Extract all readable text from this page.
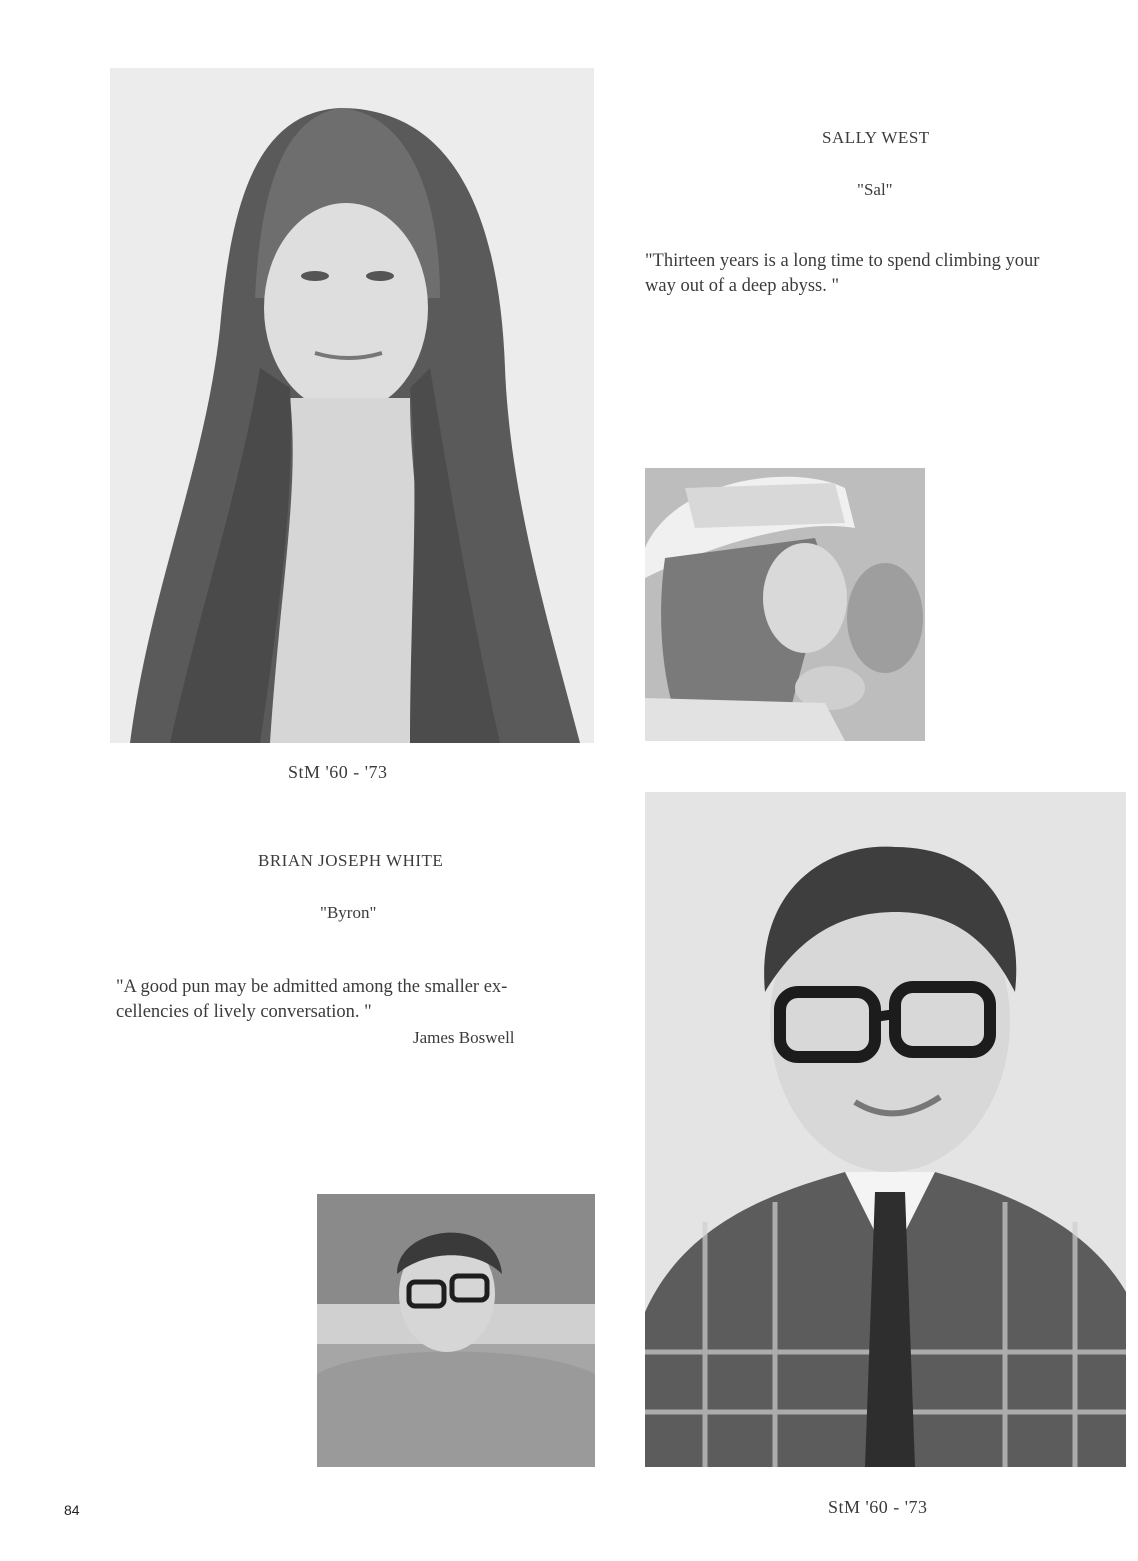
SALLY WEST
"Sal"
"Thirteen years is a long time to spend climbing your
way out of a deep abyss. "
StM '60 - '73
BRIAN JOSEPH WHITE
"Byron"
"A good pun may be admitted among the smaller ex-
cellencies of lively conversation. "
James Boswell
StM '60 - '73
84
